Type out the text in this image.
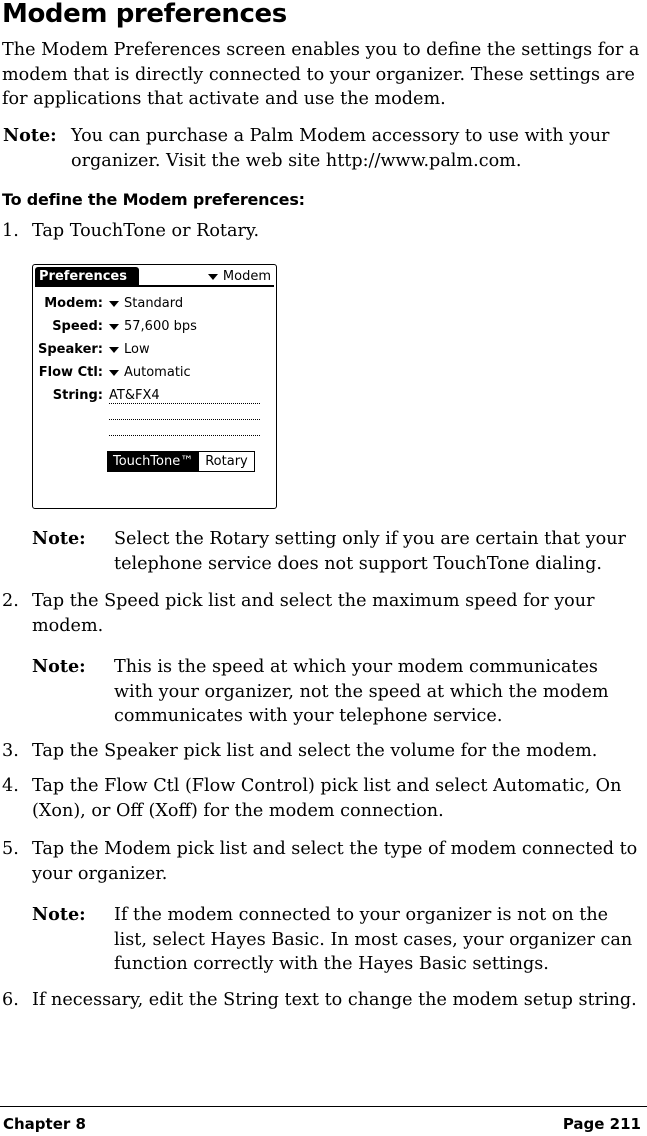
Modem preferences
The Modem Preferences screen enables you to define the settings for a modem that is directly connected to your organizer. These settings are for applications that activate and use the modem.
Note: You can purchase a Palm Modem accessory to use with your organizer. Visit the web site http://www.palm.com.
To define the Modem preferences:
1. Tap TouchTone or Rotary.
Preferences	Modem
Modem:	Standard
Speed:	57,600 bps
Speaker:	Low
Flow Ctl:	Automatic
String: AT&FX4
TouchTone™ Rotary
Note:	Select the Rotary setting only if you are certain that your telephone service does not support TouchTone dialing.
2. Tap the Speed pick list and select the maximum speed for your modem.
Note:	This is the speed at which your modem communicates with your organizer, not the speed at which the modem communicates with your telephone service.
3. Tap the Speaker pick list and select the volume for the modem.
4. Tap the Flow Ctl (Flow Control) pick list and select Automatic, On (Xon), or Off (Xoff) for the modem connection.
5. Tap the Modem pick list and select the type of modem connected to your organizer.
Note:	If the modem connected to your organizer is not on the list, select Hayes Basic. In most cases, your organizer can function correctly with the Hayes Basic settings.
6. If necessary, edit the String text to change the modem setup string.
Chapter 8	Page 211
